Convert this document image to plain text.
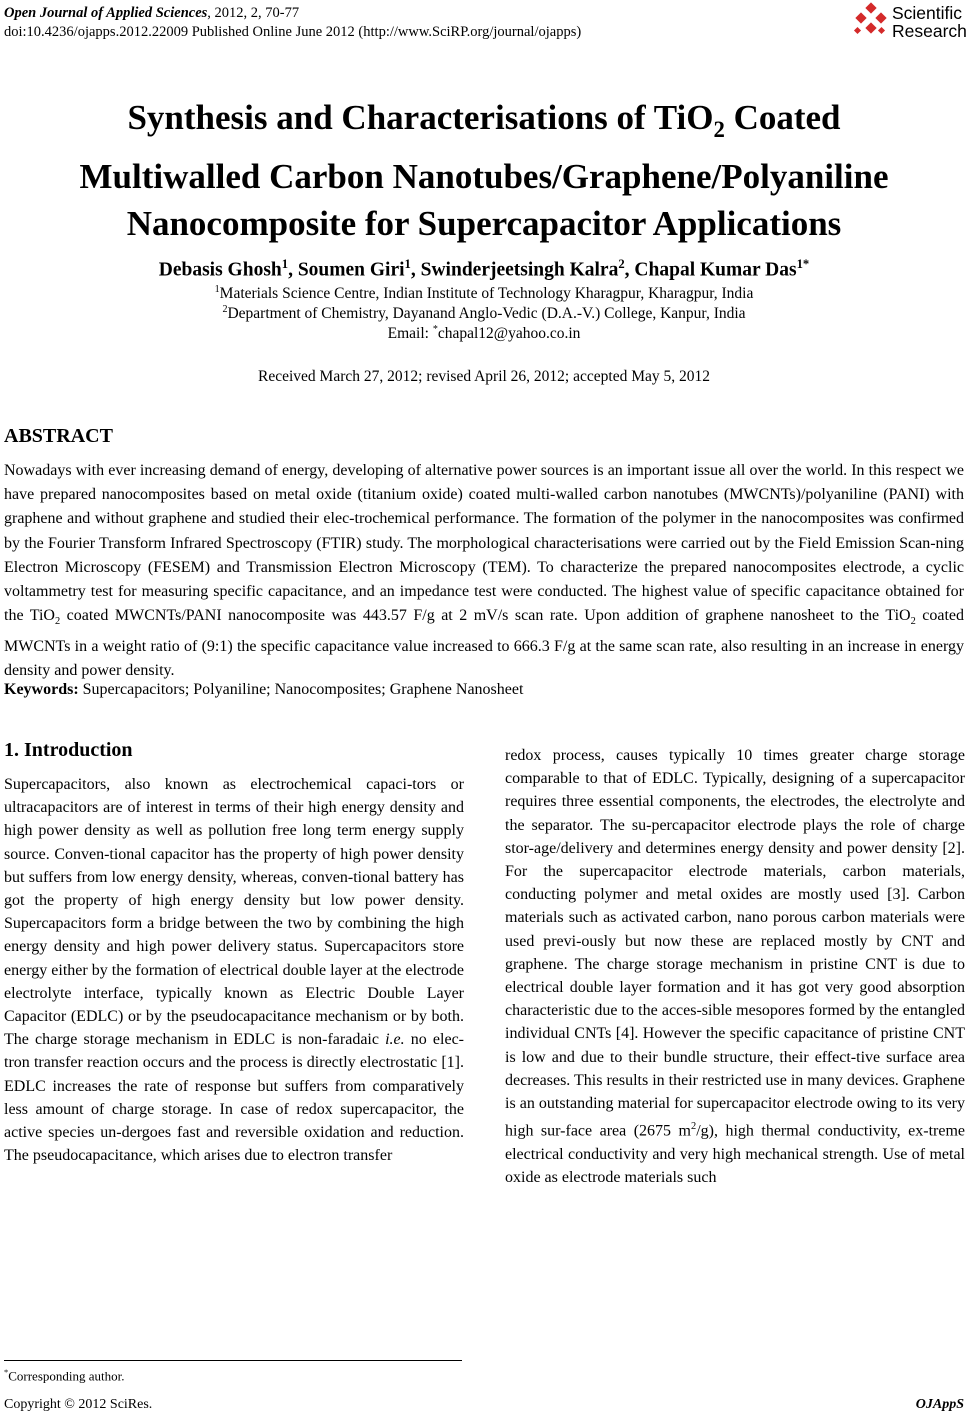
Open Journal of Applied Sciences, 2012, 2, 70-77
doi:10.4236/ojapps.2012.22009 Published Online June 2012 (http://www.SciRP.org/journal/ojapps)
Scientific
Research
Synthesis and Characterisations of TiO$_2$ Coated
Multiwalled Carbon Nanotubes/Graphene/Polyaniline
Nanocomposite for Supercapacitor Applications

Debasis Ghosh$^1$, Soumen Giri$^1$, Swinderjeetsingh Kalra$^2$, Chapal Kumar Das$^{1*}$

$^1$Materials Science Centre, Indian Institute of Technology Kharagpur, Kharagpur, India

$^2$Department of Chemistry, Dayanand Anglo-Vedic (D.A.-V.) College, Kanpur, India

Email: *chapal12@yahoo.co.in

Received March 27, 2012; revised April 26, 2012; accepted May 5, 2012

ABSTRACT

Nowadays with ever increasing demand of energy, developing of alternative power sources is an important issue all over the world. In this respect we have prepared nanocomposites based on metal oxide (titanium oxide) coated multi-walled carbon nanotubes (MWCNTs)/polyaniline (PANI) with graphene and without graphene and studied their elec-trochemical performance. The formation of the polymer in the nanocomposites was confirmed by the Fourier Transform Infrared Spectroscopy (FTIR) study. The morphological characterisations were carried out by the Field Emission Scan-ning Electron Microscopy (FESEM) and Transmission Electron Microscopy (TEM). To characterize the prepared nanocomposites electrode, a cyclic voltammetry test for measuring specific capacitance, and an impedance test were conducted. The highest value of specific capacitance obtained for the TiO$_2$ coated MWCNTs/PANI nanocomposite was 443.57 F/g at 2 mV/s scan rate. Upon addition of graphene nanosheet to the TiO$_2$ coated MWCNTs in a weight ratio of (9:1) the specific capacitance value increased to 666.3 F/g at the same scan rate, also resulting in an increase in energy density and power density.

Keywords: Supercapacitors; Polyaniline; Nanocomposites; Graphene Nanosheet

1. Introduction

Supercapacitors, also known as electrochemical capaci-tors or ultracapacitors are of interest in terms of their high energy density and high power density as well as pollution free long term energy supply source. Conven-tional capacitor has the property of high power density but suffers from low energy density, whereas, conven-tional battery has got the property of high energy density but low power density. Supercapacitors form a bridge between the two by combining the high energy density and high power delivery status. Supercapacitors store energy either by the formation of electrical double layer at the electrode electrolyte interface, typically known as Electric Double Layer Capacitor (EDLC) or by the pseudocapacitance mechanism or by both. The charge storage mechanism in EDLC is non-faradaic i.e. no elec-tron transfer reaction occurs and the process is directly electrostatic [1]. EDLC increases the rate of response but suffers from comparatively less amount of charge storage. In case of redox supercapacitor, the active species un-dergoes fast and reversible oxidation and reduction. The pseudocapacitance, which arises due to electron transfer

redox process, causes typically 10 times greater charge storage comparable to that of EDLC. Typically, designing of a supercapacitor requires three essential components, the electrodes, the electrolyte and the separator. The su-percapacitor electrode plays the role of charge stor-age/delivery and determines energy density and power density [2]. For the supercapacitor electrode materials, carbon materials, conducting polymer and metal oxides are mostly used [3]. Carbon materials such as activated carbon, nano porous carbon materials were used previ-ously but now these are replaced mostly by CNT and graphene. The charge storage mechanism in pristine CNT is due to electrical double layer formation and it has got very good absorption characteristic due to the acces-sible mesopores formed by the entangled individual CNTs [4]. However the specific capacitance of pristine CNT is low and due to their bundle structure, their effect-tive surface area decreases. This results in their restricted use in many devices. Graphene is an outstanding material for supercapacitor electrode owing to its very high sur-face area (2675 $m^2/g$), high thermal conductivity, ex-treme electrical conductivity and very high mechanical strength. Use of metal oxide as electrode materials such

*Corresponding author.

Copyright © 2012 SciRes.	OJAppS
